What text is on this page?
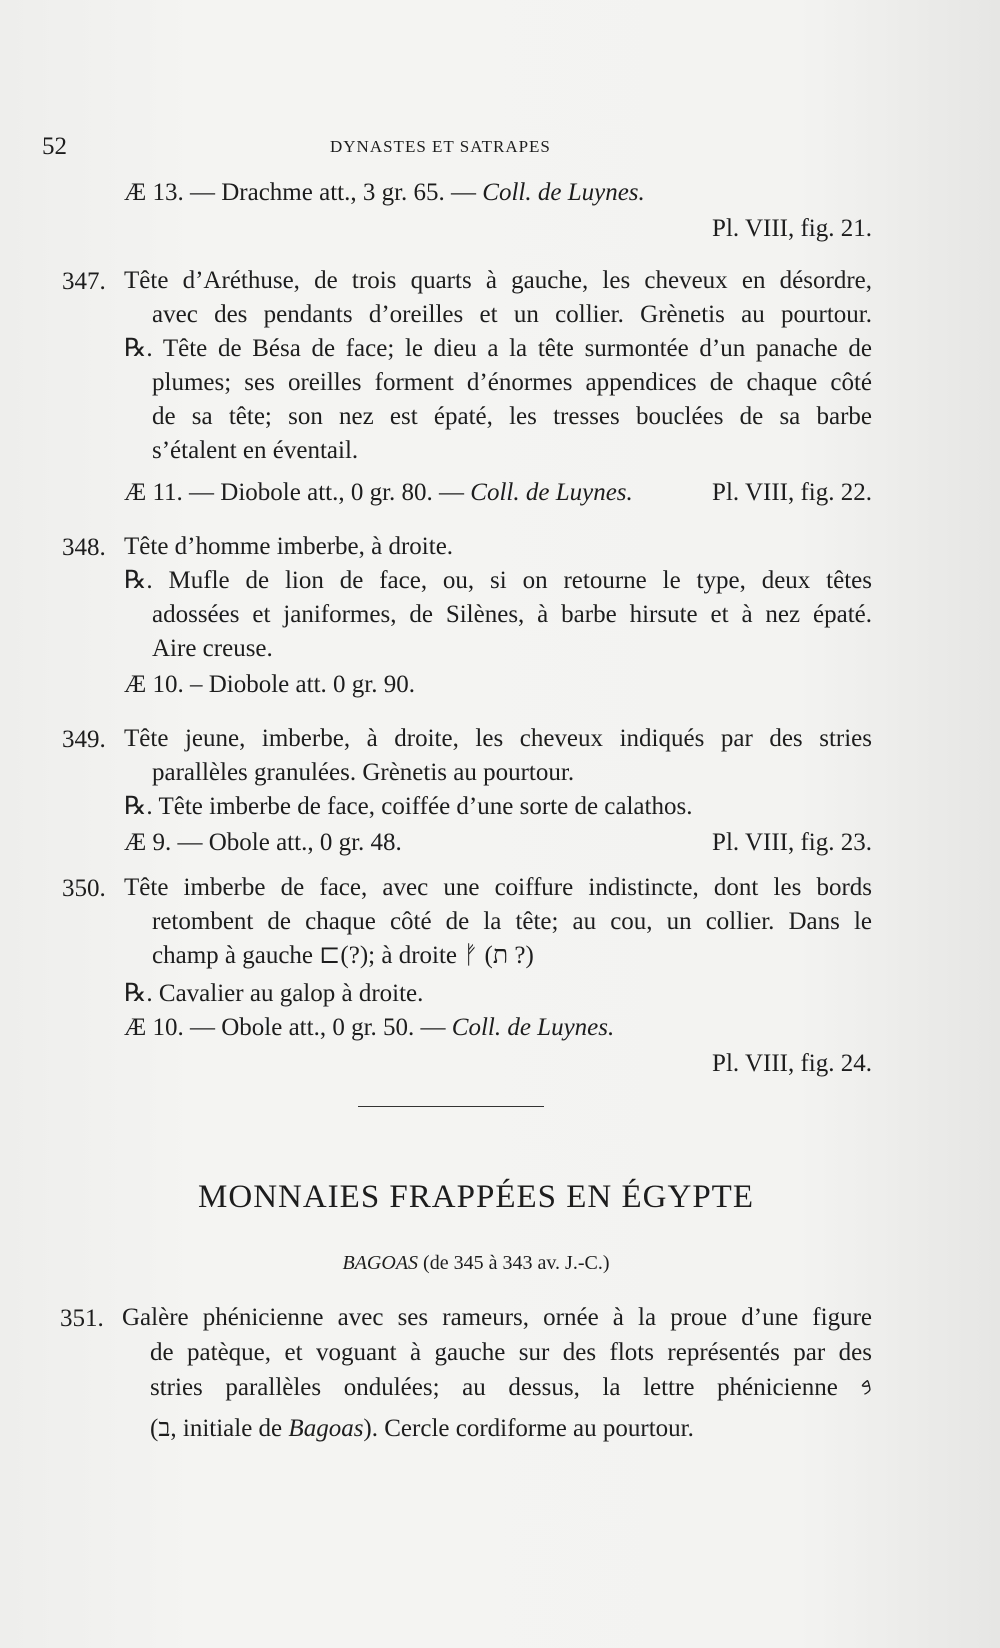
52	DYNASTES ET SATRAPES
Æ 13. — Drachme att., 3 gr. 65. — Coll. de Luynes.
Pl. VIII, fig. 21.
347. Tête d’Aréthuse, de trois quarts à gauche, les cheveux en désordre,
avec des pendants d’oreilles et un collier. Grènetis au pourtour.
℞. Tête de Bésa de face; le dieu a la tête surmontée d’un panache de
plumes; ses oreilles forment d’énormes appendices de chaque côté
de sa tête; son nez est épaté, les tresses bouclées de sa barbe
s’étalent en éventail.
Æ 11. — Diobole att., 0 gr. 80. — Coll. de Luynes.	Pl. VIII, fig. 22.
348. Tête d’homme imberbe, à droite.
℞. Mufle de lion de face, ou, si on retourne le type, deux têtes
adossées et janiformes, de Silènes, à barbe hirsute et à nez épaté.
Aire creuse.
Æ 10. – Diobole att. 0 gr. 90.
349. Tête jeune, imberbe, à droite, les cheveux indiqués par des stries
parallèles granulées. Grènetis au pourtour.
℞. Tête imberbe de face, coiffée d’une sorte de calathos.
Æ 9. — Obole att., 0 gr. 48.	Pl. VIII, fig. 23.
350. Tête imberbe de face, avec une coiffure indistincte, dont les bords
retombent de chaque côté de la tête; au cou, un collier. Dans le
champ à gauche ⊏(?); à droite ᚠ (ת ?)
℞. Cavalier au galop à droite.
Æ 10. — Obole att., 0 gr. 50. — Coll. de Luynes.
Pl. VIII, fig. 24.
MONNAIES FRAPPÉES EN ÉGYPTE
BAGOAS (de 345 à 343 av. J.-C.)
351. Galère phénicienne avec ses rameurs, ornée à la proue d’une figure
de patèque, et voguant à gauche sur des flots représentés par des
stries parallèles ondulées; au dessus, la lettre phénicienne 𐤁
(ב, initiale de Bagoas). Cercle cordiforme au pourtour.
